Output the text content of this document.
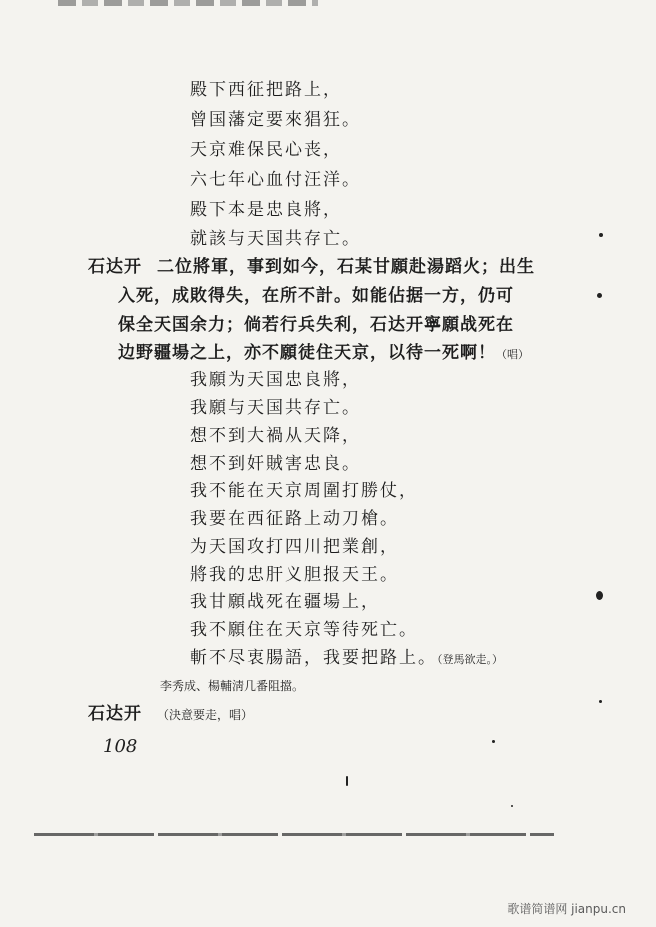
殿下西征把路上，
曾国藩定要來猖狂。
天京难保民心丧，
六七年心血付汪洋。
殿下本是忠良將，
就該与天国共存亡。
石达开 二位將軍，事到如今，石某甘願赴湯蹈火；出生
入死，成敗得失，在所不計。如能佔据一方，仍可
保全天国余力；倘若行兵失利，石达开寧願战死在
边野疆場之上，亦不願徒住天京，以待一死啊！（唱）
我願为天国忠良將，
我願与天国共存亡。
想不到大禍从天降，
想不到奸賊害忠良。
我不能在天京周圍打勝仗，
我要在西征路上动刀槍。
为天国攻打四川把業創，
將我的忠肝义胆报天王。
我甘願战死在疆場上，
我不願住在天京等待死亡。
斬不尽衷腸語，我要把路上。（登馬欲走。）
李秀成、楊輔淸几番阻擋。
石达开 （決意要走，唱）
108
歌谱简谱网 jianpu.cn
